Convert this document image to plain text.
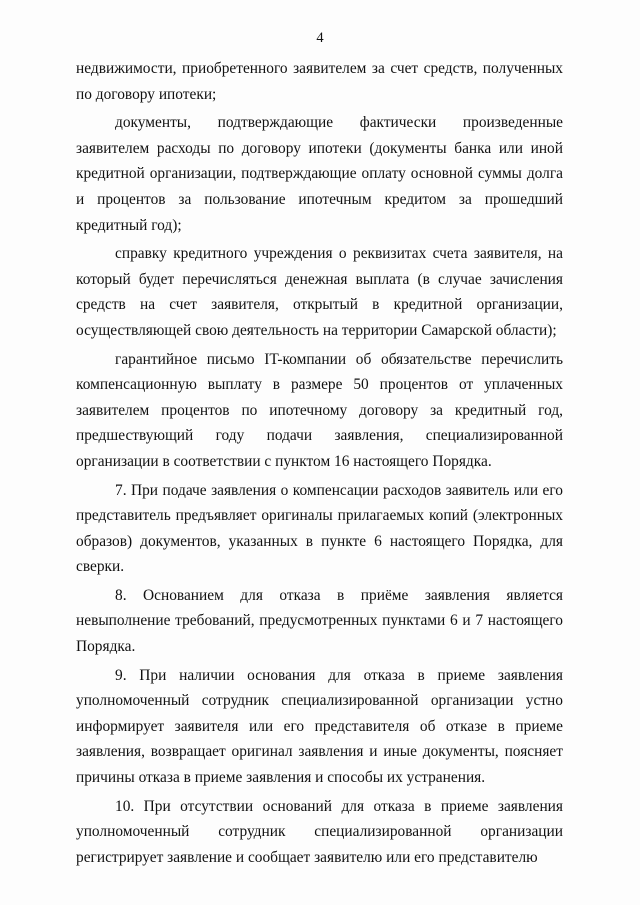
4

недвижимости, приобретенного заявителем за счет средств, полученных по договору ипотеки;

документы, подтверждающие фактически произведенные заявителем расходы по договору ипотеки (документы банка или иной кредитной организации, подтверждающие оплату основной суммы долга и процентов за пользование ипотечным кредитом за прошедший кредитный год);

справку кредитного учреждения о реквизитах счета заявителя, на который будет перечисляться денежная выплата (в случае зачисления средств на счет заявителя, открытый в кредитной организации, осуществляющей свою деятельность на территории Самарской области);

гарантийное письмо IT-компании об обязательстве перечислить компенсационную выплату в размере 50 процентов от уплаченных заявителем процентов по ипотечному договору за кредитный год, предшествующий году подачи заявления, специализированной организации в соответствии с пунктом 16 настоящего Порядка.

7. При подаче заявления о компенсации расходов заявитель или его представитель предъявляет оригиналы прилагаемых копий (электронных образов) документов, указанных в пункте 6 настоящего Порядка, для сверки.

8. Основанием для отказа в приёме заявления является невыполнение требований, предусмотренных пунктами 6 и 7 настоящего Порядка.

9. При наличии основания для отказа в приеме заявления уполномоченный сотрудник специализированной организации устно информирует заявителя или его представителя об отказе в приеме заявления, возвращает оригинал заявления и иные документы, поясняет причины отказа в приеме заявления и способы их устранения.

10. При отсутствии оснований для отказа в приеме заявления уполномоченный сотрудник специализированной организации регистрирует заявление и сообщает заявителю или его представителю
